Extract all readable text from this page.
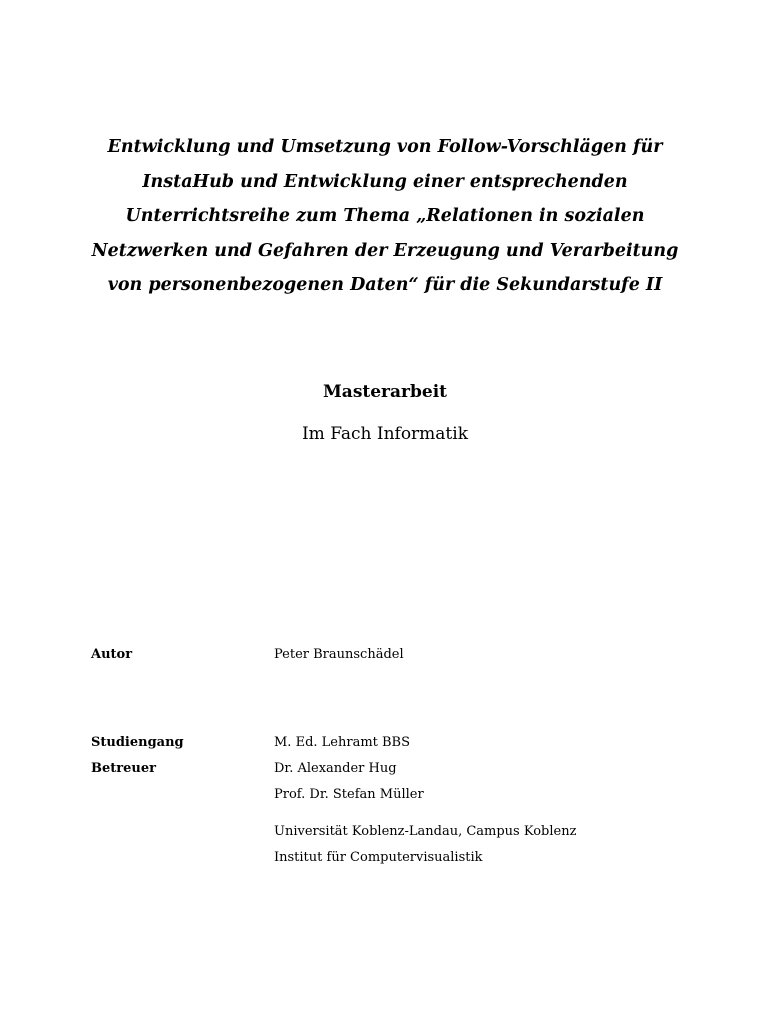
Entwicklung und Umsetzung von Follow-Vorschlägen für
InstaHub und Entwicklung einer entsprechenden
Unterrichtsreihe zum Thema „Relationen in sozialen
Netzwerken und Gefahren der Erzeugung und Verarbeitung
von personenbezogenen Daten“ für die Sekundarstufe II
Masterarbeit
Im Fach Informatik
Autor	Peter Braunschädel
Studiengang	M. Ed. Lehramt BBS
Betreuer	Dr. Alexander Hug
Prof. Dr. Stefan Müller
Universität Koblenz-Landau, Campus Koblenz
Institut für Computervisualistik
